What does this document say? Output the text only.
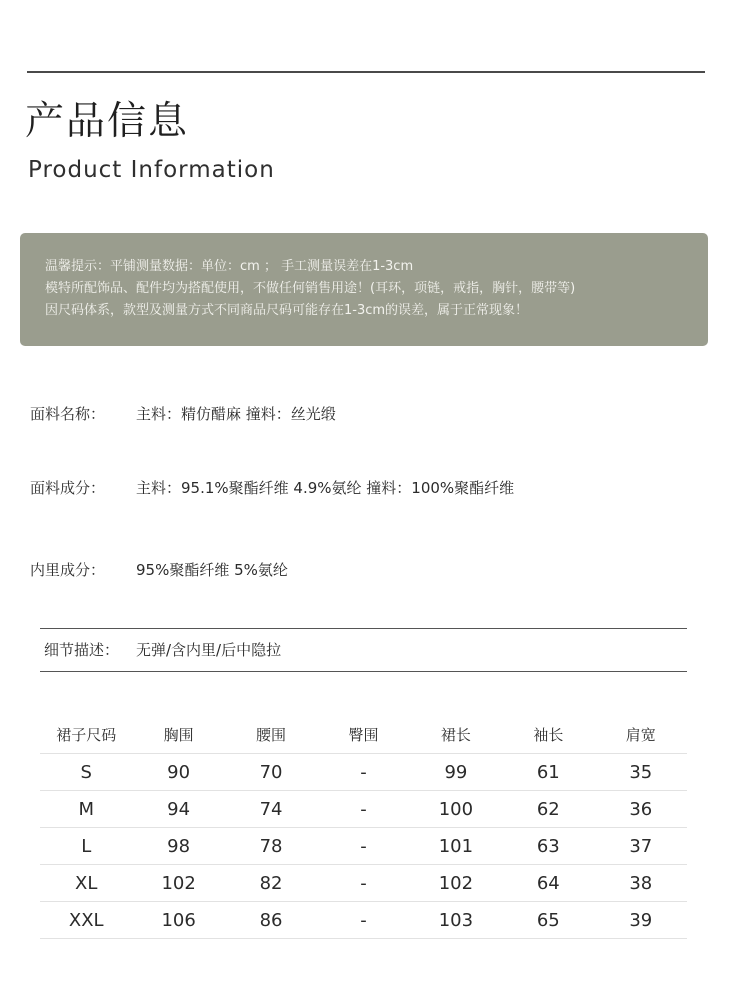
产品信息
Product Information

温馨提示：平铺测量数据：单位：cm ； 手工测量误差在1-3cm

模特所配饰品、配件均为搭配使用，不做任何销售用途！(耳环，项链，戒指，胸针，腰带等)

因尺码体系，款型及测量方式不同商品尺码可能存在1-3cm的误差，属于正常现象！

面料名称： 主料：精仿醋麻 撞料：丝光缎
面料成分： 主料：95.1%聚酯纤维 4.9%氨纶 撞料：100%聚酯纤维
内里成分： 95%聚酯纤维 5%氨纶
细节描述： 无弹/含内里/后中隐拉
裙子尺码	胸围	腰围	臀围	裙长	袖长	肩宽
S	90	70	-	99	61	35
M	94	74	-	100	62	36
L	98	78	-	101	63	37
XL	102	82	-	102	64	38
XXL	106	86	-	103	65	39
